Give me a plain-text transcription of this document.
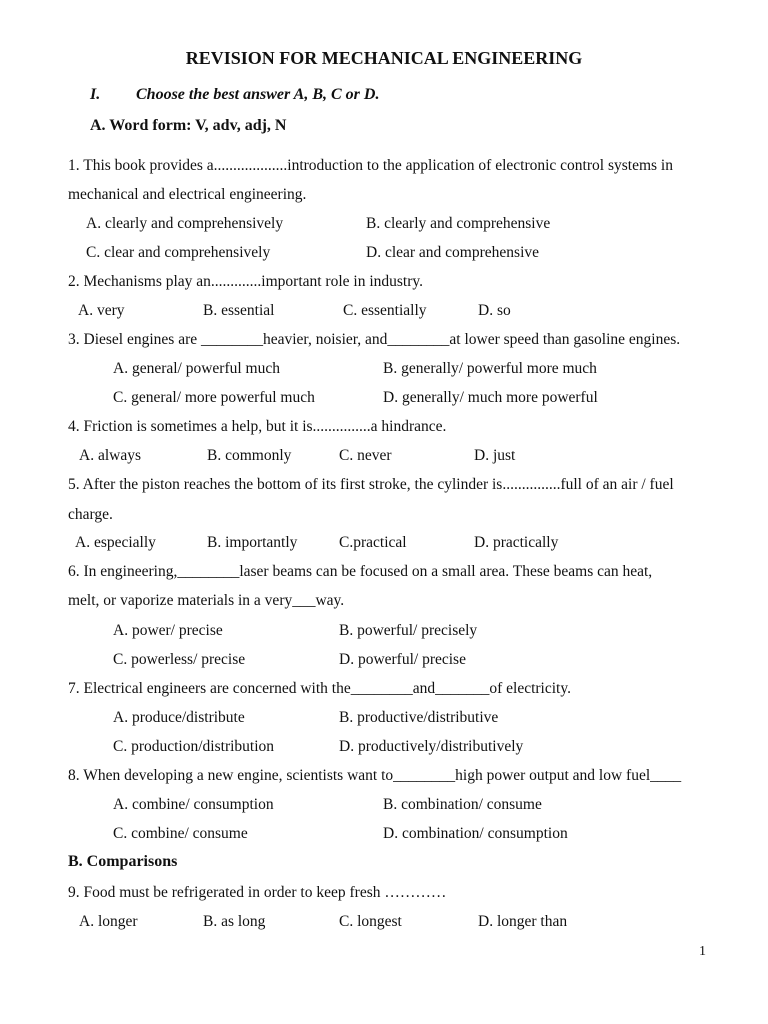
REVISION FOR MECHANICAL ENGINEERING
I. Choose the best answer A, B, C or D.
A. Word form: V, adv, adj, N
1. This book provides a...................introduction to the application of electronic control systems in
mechanical and electrical engineering.
A. clearly and comprehensively	B. clearly and comprehensive
C. clear and comprehensively	D. clear and comprehensive
2. Mechanisms play an.............important role in industry.
A. very	B. essential	C. essentially	D. so
3. Diesel engines are ________heavier, noisier, and________at lower speed than gasoline engines.
A. general/ powerful much	B. generally/ powerful more much
C. general/ more powerful much	D. generally/ much more powerful
4. Friction is sometimes a help, but it is...............a hindrance.
A. always	B. commonly	C. never	D. just
5. After the piston reaches the bottom of its first stroke, the cylinder is...............full of an air / fuel
charge.
A. especially	B. importantly	C.practical	D. practically
6. In engineering,________laser beams can be focused on a small area. These beams can heat,
melt, or vaporize materials in a very___way.
A. power/ precise	B. powerful/ precisely
C. powerless/ precise	D. powerful/ precise
7. Electrical engineers are concerned with the________and_______of electricity.
A. produce/distribute	B. productive/distributive
C. production/distribution	D. productively/distributively
8. When developing a new engine, scientists want to________high power output and low fuel____
A. combine/ consumption	B. combination/ consume
C. combine/ consume	D. combination/ consumption
B. Comparisons
9. Food must be refrigerated in order to keep fresh …………
A. longer	B. as long	C. longest	D. longer than
1
